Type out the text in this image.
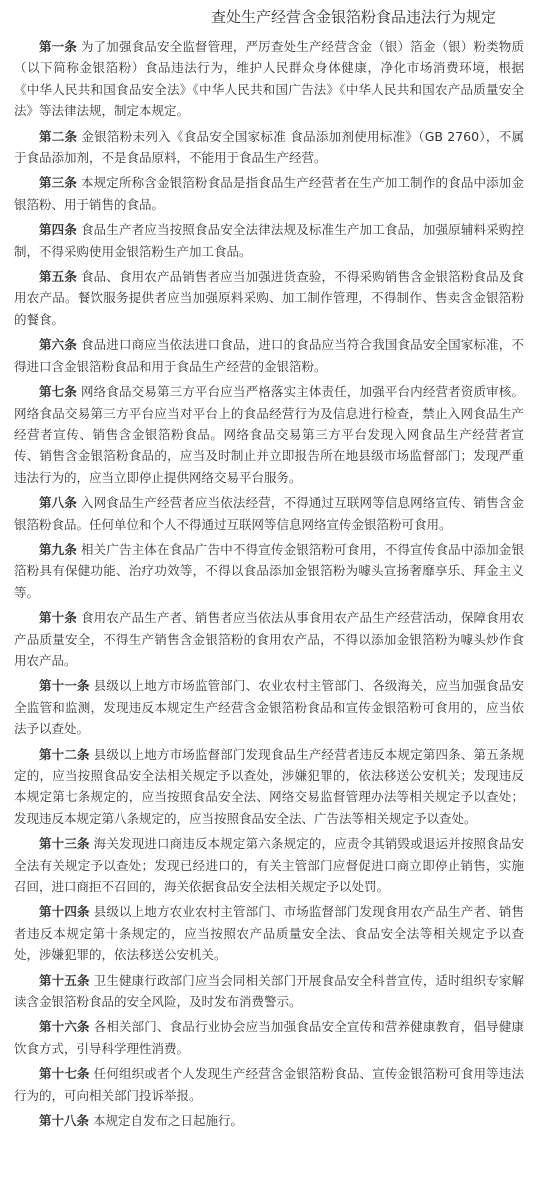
查处生产经营含金银箔粉食品违法行为规定

第一条 为了加强食品安全监督管理，严厉查处生产经营含金（银）箔金（银）粉类物质（以下简称金银箔粉）食品违法行为，维护人民群众身体健康，净化市场消费环境，根据《中华人民共和国食品安全法》《中华人民共和国广告法》《中华人民共和国农产品质量安全法》等法律法规，制定本规定。

第二条 金银箔粉未列入《食品安全国家标准 食品添加剂使用标准》（GB 2760），不属于食品添加剂，不是食品原料，不能用于食品生产经营。

第三条 本规定所称含金银箔粉食品是指食品生产经营者在生产加工制作的食品中添加金银箔粉、用于销售的食品。

第四条 食品生产者应当按照食品安全法律法规及标准生产加工食品，加强原辅料采购控制，不得采购使用金银箔粉生产加工食品。

第五条 食品、食用农产品销售者应当加强进货查验，不得采购销售含金银箔粉食品及食用农产品。餐饮服务提供者应当加强原料采购、加工制作管理，不得制作、售卖含金银箔粉的餐食。

第六条 食品进口商应当依法进口食品，进口的食品应当符合我国食品安全国家标准，不得进口含金银箔粉食品和用于食品生产经营的金银箔粉。

第七条 网络食品交易第三方平台应当严格落实主体责任，加强平台内经营者资质审核。网络食品交易第三方平台应当对平台上的食品经营行为及信息进行检查，禁止入网食品生产经营者宣传、销售含金银箔粉食品。网络食品交易第三方平台发现入网食品生产经营者宣传、销售含金银箔粉食品的，应当及时制止并立即报告所在地县级市场监督部门；发现严重违法行为的，应当立即停止提供网络交易平台服务。

第八条 入网食品生产经营者应当依法经营，不得通过互联网等信息网络宣传、销售含金银箔粉食品。任何单位和个人不得通过互联网等信息网络宣传金银箔粉可食用。

第九条 相关广告主体在食品广告中不得宣传金银箔粉可食用，不得宣传食品中添加金银箔粉具有保健功能、治疗功效等，不得以食品添加金银箔粉为噱头宣扬奢靡享乐、拜金主义等。

第十条 食用农产品生产者、销售者应当依法从事食用农产品生产经营活动，保障食用农产品质量安全，不得生产销售含金银箔粉的食用农产品，不得以添加金银箔粉为噱头炒作食用农产品。

第十一条 县级以上地方市场监管部门、农业农村主管部门、各级海关，应当加强食品安全监管和监测，发现违反本规定生产经营含金银箔粉食品和宣传金银箔粉可食用的，应当依法予以查处。

第十二条 县级以上地方市场监督部门发现食品生产经营者违反本规定第四条、第五条规定的，应当按照食品安全法相关规定予以查处，涉嫌犯罪的，依法移送公安机关；发现违反本规定第七条规定的，应当按照食品安全法、网络交易监督管理办法等相关规定予以查处；发现违反本规定第八条规定的，应当按照食品安全法、广告法等相关规定予以查处。

第十三条 海关发现进口商违反本规定第六条规定的，应责令其销毁或退运并按照食品安全法有关规定予以查处；发现已经进口的，有关主管部门应督促进口商立即停止销售，实施召回，进口商拒不召回的，海关依据食品安全法相关规定予以处罚。

第十四条 县级以上地方农业农村主管部门、市场监督部门发现食用农产品生产者、销售者违反本规定第十条规定的，应当按照农产品质量安全法、食品安全法等相关规定予以查处，涉嫌犯罪的，依法移送公安机关。

第十五条 卫生健康行政部门应当会同相关部门开展食品安全科普宣传，适时组织专家解读含金银箔粉食品的安全风险，及时发布消费警示。

第十六条 各相关部门、食品行业协会应当加强食品安全宣传和营养健康教育，倡导健康饮食方式，引导科学理性消费。

第十七条 任何组织或者个人发现生产经营含金银箔粉食品、宣传金银箔粉可食用等违法行为的，可向相关部门投诉举报。

第十八条 本规定自发布之日起施行。
